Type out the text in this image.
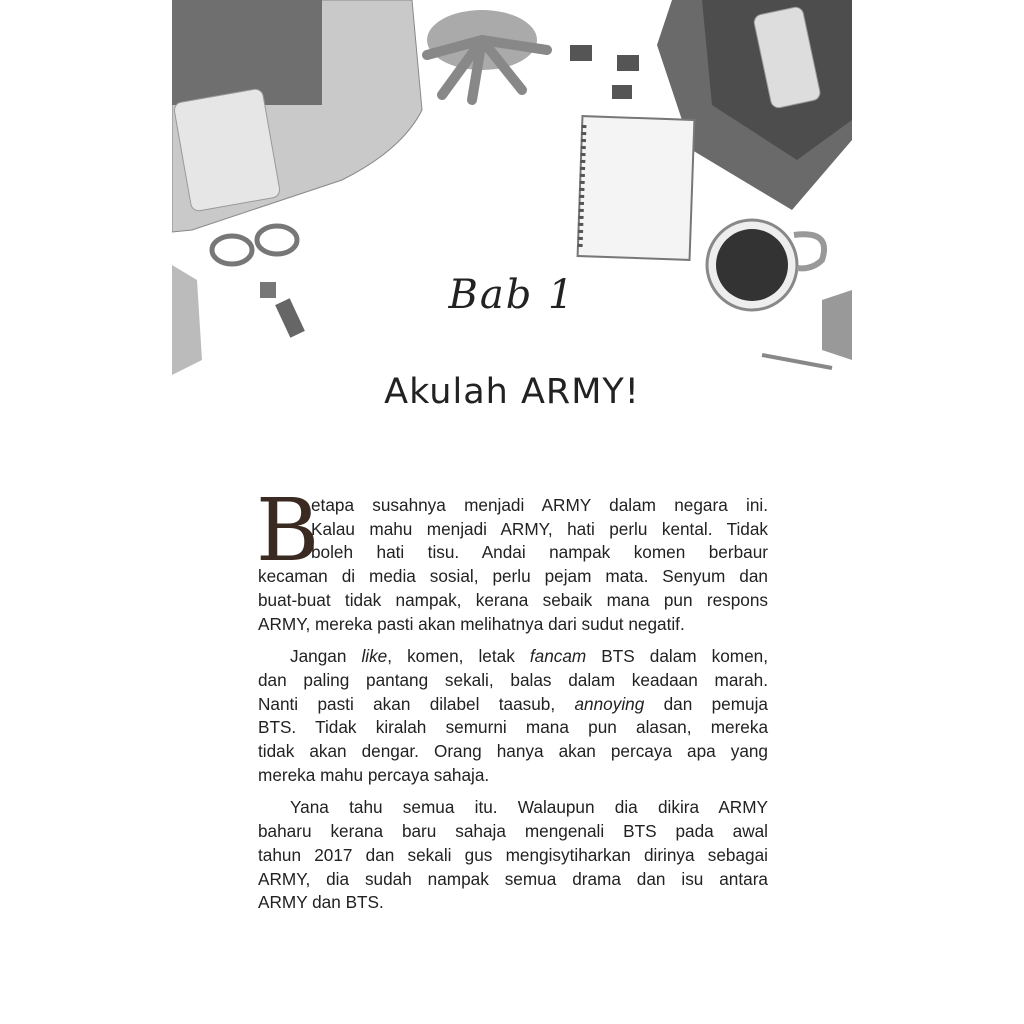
Bab 1
Akulah ARMY!
B
etapa susahnya menjadi ARMY dalam negara ini.
Kalau mahu menjadi ARMY, hati perlu kental. Tidak
boleh hati tisu. Andai nampak komen berbaur
kecaman di media sosial, perlu pejam mata. Senyum dan
buat-buat tidak nampak, kerana sebaik mana pun respons
ARMY, mereka pasti akan melihatnya dari sudut negatif.
Jangan like, komen, letak fancam BTS dalam komen,
dan paling pantang sekali, balas dalam keadaan marah.
Nanti pasti akan dilabel taasub, annoying dan pemuja
BTS. Tidak kiralah semurni mana pun alasan, mereka
tidak akan dengar. Orang hanya akan percaya apa yang
mereka mahu percaya sahaja.
Yana tahu semua itu. Walaupun dia dikira ARMY
baharu kerana baru sahaja mengenali BTS pada awal
tahun 2017 dan sekali gus mengisytiharkan dirinya sebagai
ARMY, dia sudah nampak semua drama dan isu antara
ARMY dan BTS.
